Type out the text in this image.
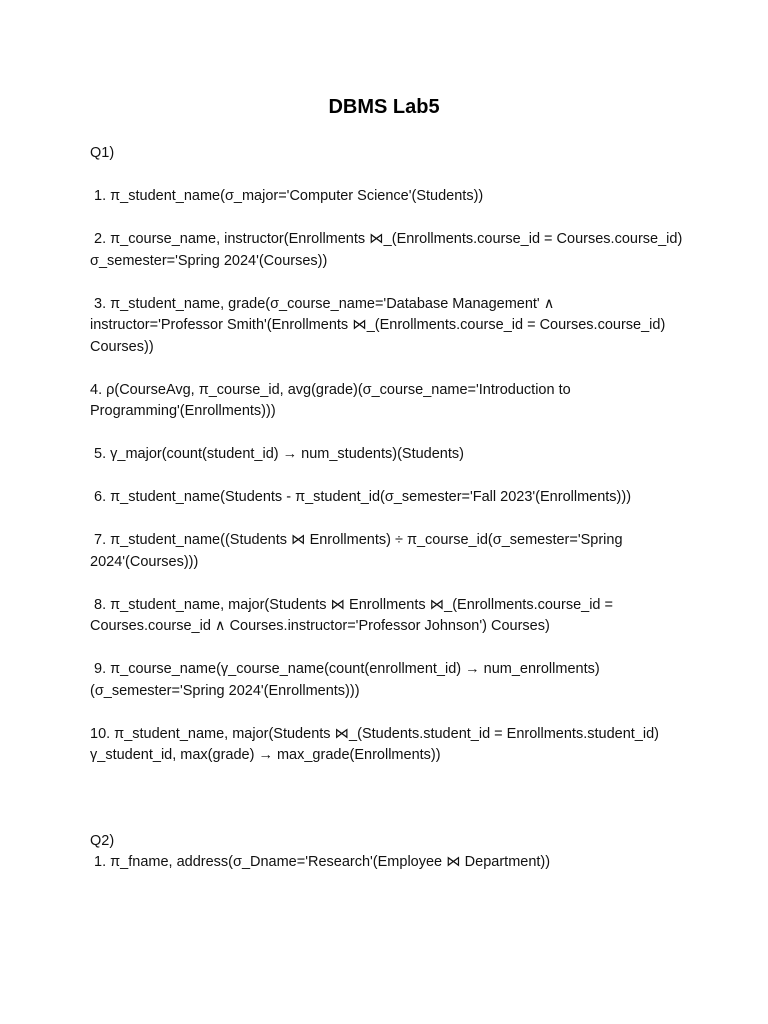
DBMS Lab5
Q1)
1. π_student_name(σ_major='Computer Science'(Students))
2. π_course_name, instructor(Enrollments ⋈_(Enrollments.course_id = Courses.course_id) σ_semester='Spring 2024'(Courses))
3. π_student_name, grade(σ_course_name='Database Management' ∧ instructor='Professor Smith'(Enrollments ⋈_(Enrollments.course_id = Courses.course_id) Courses))
4. ρ(CourseAvg, π_course_id, avg(grade)(σ_course_name='Introduction to Programming'(Enrollments)))
5. γ_major(count(student_id) → num_students)(Students)
6. π_student_name(Students - π_student_id(σ_semester='Fall 2023'(Enrollments)))
7. π_student_name((Students ⋈ Enrollments) ÷ π_course_id(σ_semester='Spring 2024'(Courses)))
8. π_student_name, major(Students ⋈ Enrollments ⋈_(Enrollments.course_id = Courses.course_id ∧ Courses.instructor='Professor Johnson') Courses)
9. π_course_name(γ_course_name(count(enrollment_id) → num_enrollments)(σ_semester='Spring 2024'(Enrollments)))
10. π_student_name, major(Students ⋈_(Students.student_id = Enrollments.student_id) γ_student_id, max(grade) → max_grade(Enrollments))
Q2)
1. π_fname, address(σ_Dname='Research'(Employee ⋈ Department))
